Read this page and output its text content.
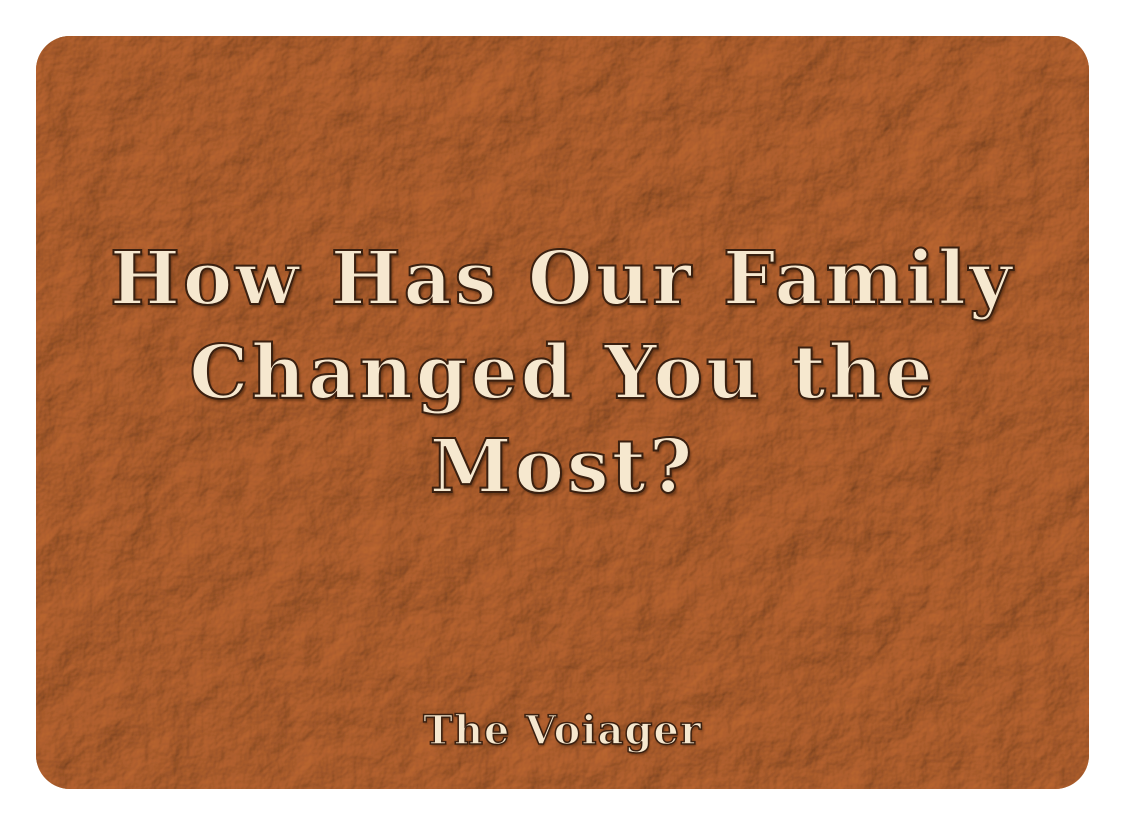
How Has Our Family
Changed You the
Most?
The Voiager
